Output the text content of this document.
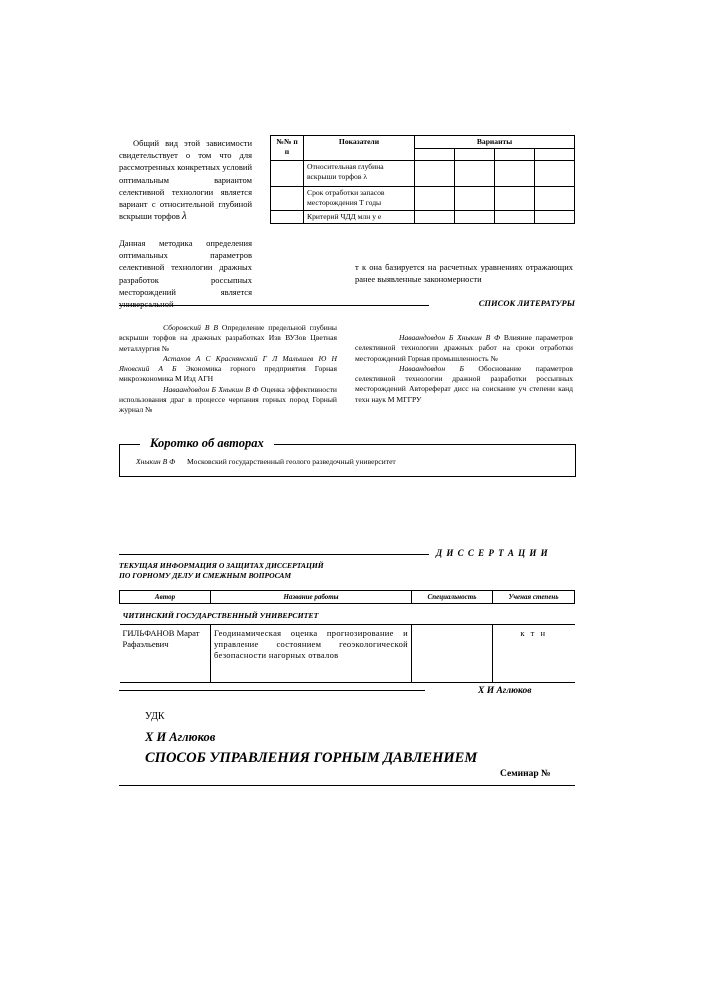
Общий вид этой зависимости свидетельствует о том что для рассмотренных конкретных условий оптимальным вариантом селективной технологии является вариант с относительной глубиной вскрыши торфов λ
Данная методика определения оптимальных параметров селективной технологии дражных разработок россыпных месторождений является универсальной
№№ п п	Показатели	Варианты			

	Относительная глубина вскрыши торфов λ				
	Срок отработки запасов месторождения Т годы				
	Критерий ЧДД млн у е				
т к она базируется на расчетных уравнениях отражающих ранее выявленные закономерности
СПИСОК ЛИТЕРАТУРЫ
Сборовский В В Определение предельной глубины вскрыши торфов на дражных разработках Изв ВУЗов Цветная металлургия №
Астахов А С Краснянский Г Л Малышев Ю Н Яновский А Б Экономика горного предприятия Горная микроэкономика М Изд АГН
Наваандовдон Б Хныкин В Ф Оценка эффективности использования драг в процессе черпания горных пород Горный журнал №
Наваандовдон Б Хныкин В Ф Влияние параметров селективной технологии дражных работ на сроки отработки месторождений Горная промышленность №
Наваандовдон Б Обоснование параметров селективной технологии дражной разработки россыпных месторождений Автореферат дисс на соискание уч степени канд техн наук М МГГРУ
Коротко об авторах
Хныкин В Ф Московский государственный геолого разведочный университет
Д И С С Е Р Т А Ц И И
ТЕКУЩАЯ ИНФОРМАЦИЯ О ЗАЩИТАХ ДИССЕРТАЦИЙ
ПО ГОРНОМУ ДЕЛУ И СМЕЖНЫМ ВОПРОСАМ
Автор	Название работы	Специальность	Ученая степень
ЧИТИНСКИЙ ГОСУДАРСТВЕННЫЙ УНИВЕРСИТЕТ			
ГИЛЬФАНОВ Марат Рафаэльевич	Геодинамическая оценка прогнозирование и управление состоянием геоэкологической безопасности нагорных отвалов		к т н
Х И Аглюков
УДК
Х И Аглюков
СПОСОБ УПРАВЛЕНИЯ ГОРНЫМ ДАВЛЕНИЕМ
Семинар №
